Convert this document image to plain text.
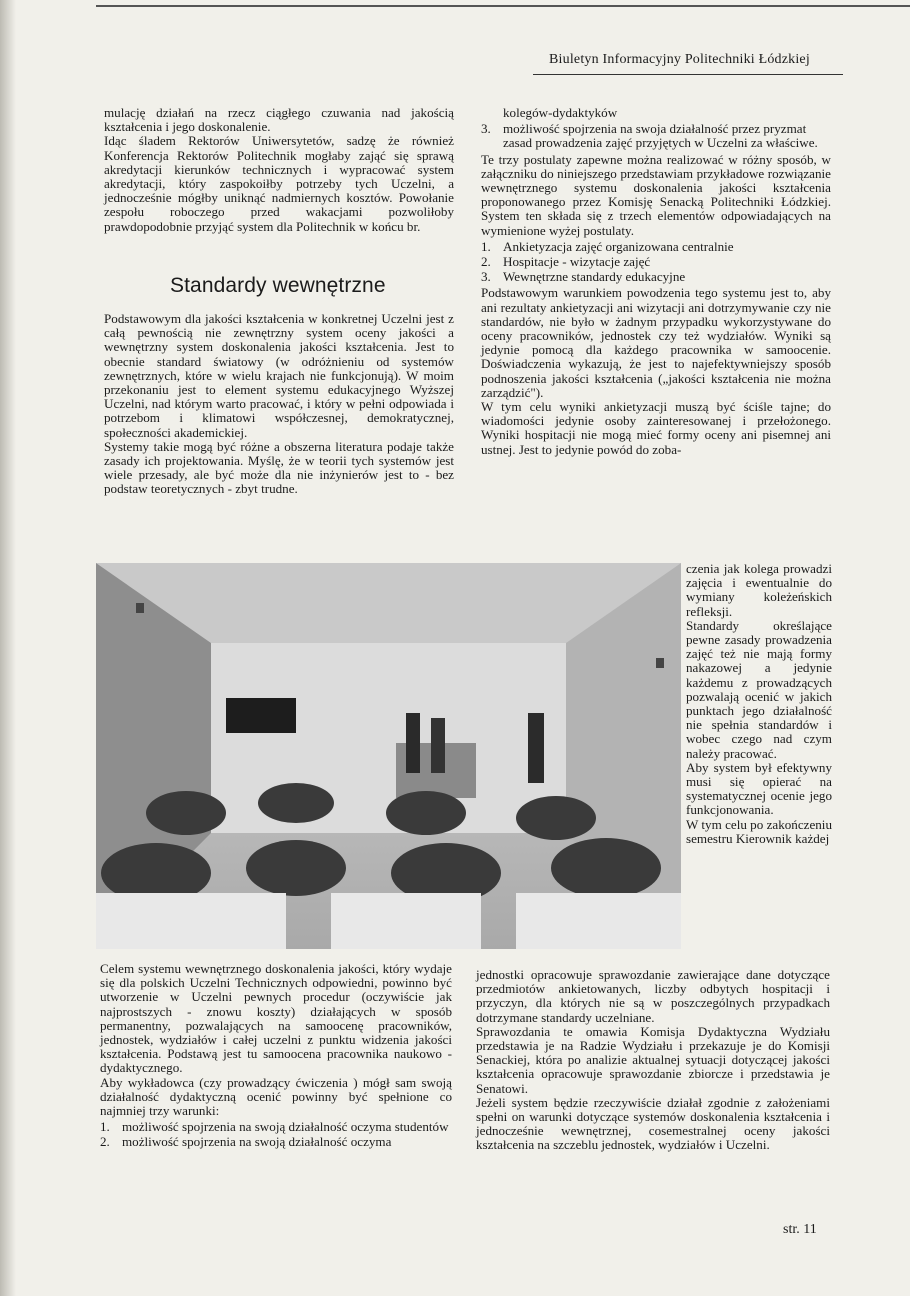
Biuletyn Informacyjny Politechniki Łódzkiej

mulację działań na rzecz ciągłego czuwania nad jakością kształcenia i jego doskonalenie.

Idąc śladem Rektorów Uniwersytetów, sadzę że również Konferencja Rektorów Politechnik mogłaby zająć się sprawą akredytacji kierunków technicznych i wypracować system akredytacji, który zaspokoiłby potrzeby tych Uczelni, a jednocześnie mógłby uniknąć nadmiernych kosztów. Powołanie zespołu roboczego przed wakacjami pozwoliłoby prawdopodobnie przyjąć system dla Politechnik w końcu br.

Standardy wewnętrzne

Podstawowym dla jakości kształcenia w konkretnej Uczelni jest z całą pewnością nie zewnętrzny system oceny jakości a wewnętrzny system doskonalenia jakości kształcenia. Jest to obecnie standard światowy (w odróżnieniu od systemów zewnętrznych, które w wielu krajach nie funkcjonują). W moim przekonaniu jest to element systemu edukacyjnego Wyższej Uczelni, nad którym warto pracować, i który w pełni odpowiada i potrzebom i klimatowi współczesnej, demokratycznej, społeczności akademickiej.

Systemy takie mogą być różne a obszerna literatura podaje także zasady ich projektowania. Myślę, że w teorii tych systemów jest wiele przesady, ale być może dla nie inżynierów jest to - bez podstaw teoretycznych - zbyt trudne.

kolegów-dydaktyków

3. możliwość spojrzenia na swoja działalność przez pryzmat zasad prowadzenia zajęć przyjętych w Uczelni za właściwe.

Te trzy postulaty zapewne można realizować w różny sposób, w załączniku do niniejszego przedstawiam przykładowe rozwiązanie wewnętrznego systemu doskonalenia jakości kształcenia proponowanego przez Komisję Senacką Politechniki Łódzkiej. System ten składa się z trzech elementów odpowiadających na wymienione wyżej postulaty.

1. Ankietyzacja zajęć organizowana centralnie
2. Hospitacje - wizytacje zajęć
3. Wewnętrzne standardy edukacyjne

Podstawowym warunkiem powodzenia tego systemu jest to, aby ani rezultaty ankietyzacji ani wizytacji ani dotrzymywanie czy nie standardów, nie było w żadnym przypadku wykorzystywane do oceny pracowników, jednostek czy też wydziałów. Wyniki są jedynie pomocą dla każdego pracownika w samoocenie. Doświadczenia wykazują, że jest to najefektywniejszy sposób podnoszenia jakości kształcenia („jakości kształcenia nie można zarządzić").

W tym celu wyniki ankietyzacji muszą być ściśle tajne; do wiadomości jedynie osoby zainteresowanej i przełożonego. Wyniki hospitacji nie mogą mieć formy oceny ani pisemnej ani ustnej. Jest to jedynie powód do zoba-

czenia jak kolega prowadzi zajęcia i ewentualnie do wymiany koleżeńskich refleksji.

Standardy określające pewne zasady prowadzenia zajęć też nie mają formy nakazowej a jedynie każdemu z prowadzących pozwalają ocenić w jakich punktach jego działalność nie spełnia standardów i wobec czego nad czym należy pracować.

Aby system był efektywny musi się opierać na systematycznej ocenie jego funkcjonowania.

W tym celu po zakończeniu semestru Kierownik każdej

Celem systemu wewnętrznego doskonalenia jakości, który wydaje się dla polskich Uczelni Technicznych odpowiedni, powinno być utworzenie w Uczelni pewnych procedur (oczywiście jak najprostszych - znowu koszty) działających w sposób permanentny, pozwalających na samoocenę pracowników, jednostek, wydziałów i całej uczelni z punktu widzenia jakości kształcenia. Podstawą jest tu samoocena pracownika naukowo - dydaktycznego.

Aby wykładowca (czy prowadzący ćwiczenia ) mógł sam swoją działalność dydaktyczną ocenić powinny być spełnione co najmniej trzy warunki:

1. możliwość spojrzenia na swoją działalność oczyma studentów
2. możliwość spojrzenia na swoją działalność oczyma

jednostki opracowuje sprawozdanie zawierające dane dotyczące przedmiotów ankietowanych, liczby odbytych hospitacji i przyczyn, dla których nie są w poszczególnych przypadkach dotrzymane standardy uczelniane.

Sprawozdania te omawia Komisja Dydaktyczna Wydziału przedstawia je na Radzie Wydziału i przekazuje je do Komisji Senackiej, która po analizie aktualnej sytuacji dotyczącej jakości kształcenia opracowuje sprawozdanie zbiorcze i przedstawia je Senatowi.

Jeżeli system będzie rzeczywiście działał zgodnie z założeniami spełni on warunki dotyczące systemów doskonalenia kształcenia i jednocześnie wewnętrznej, cosemestralnej oceny jakości kształcenia na szczeblu jednostek, wydziałów i Uczelni.

str. 11
